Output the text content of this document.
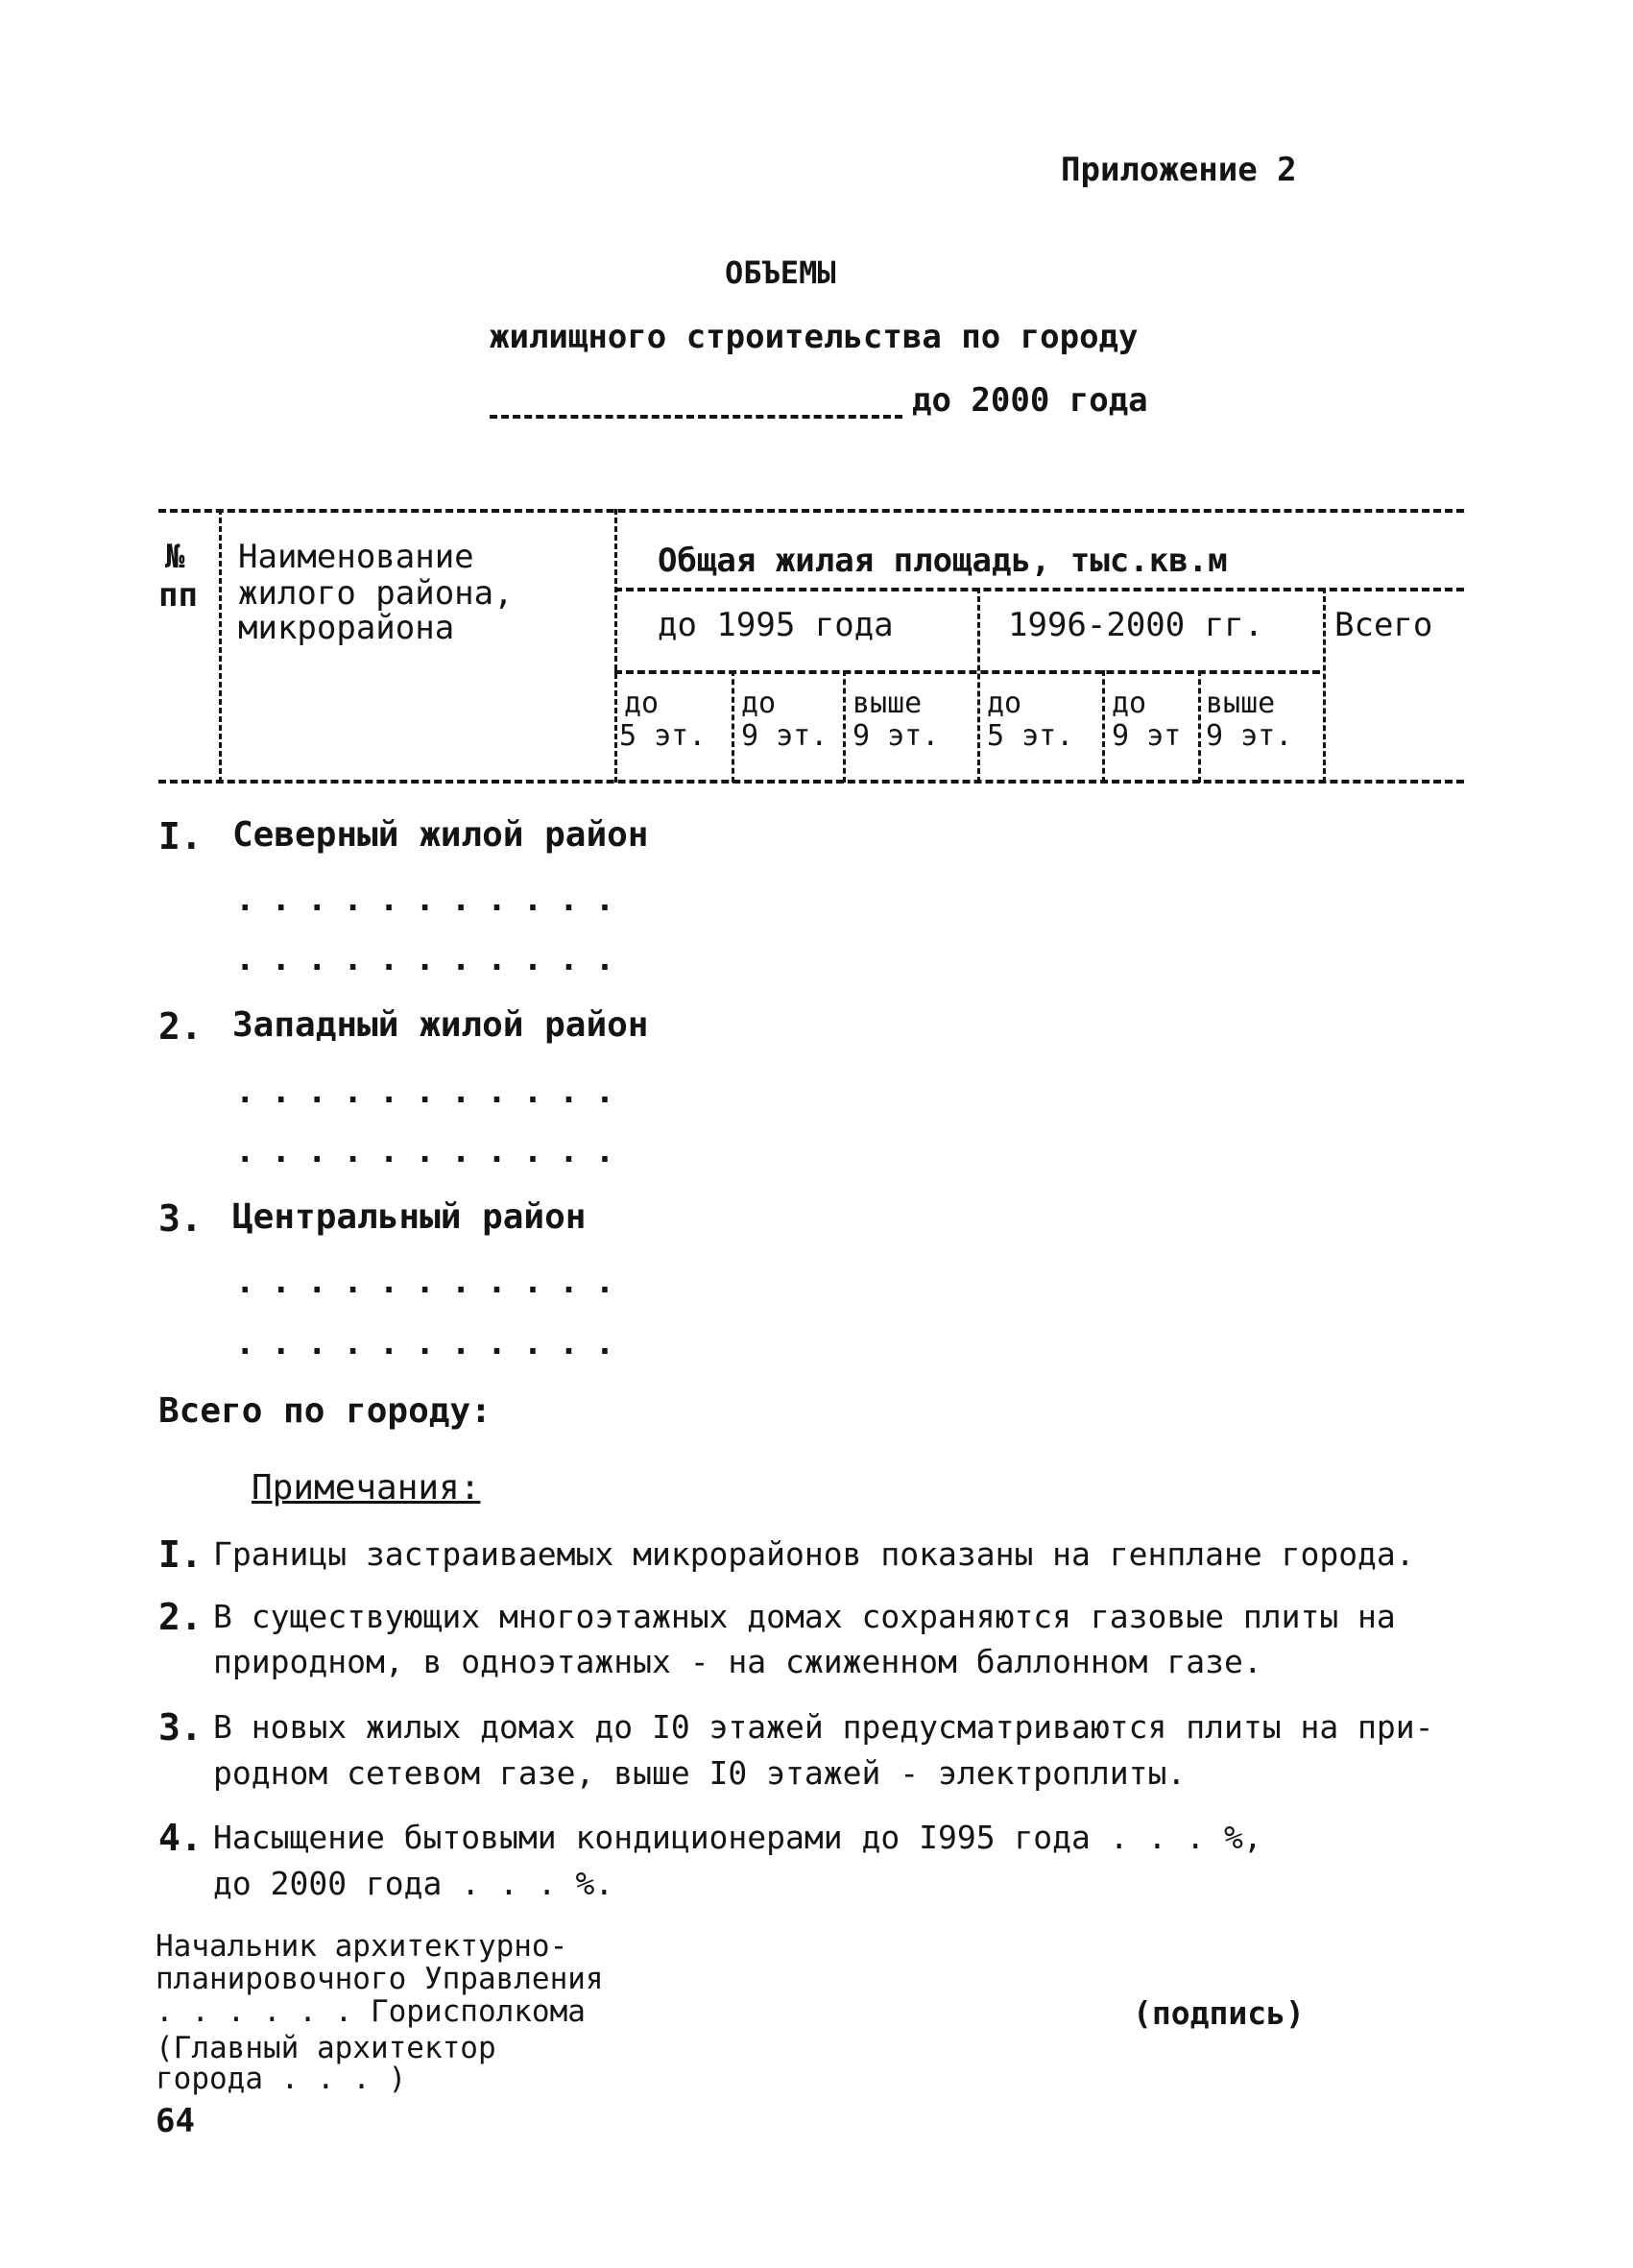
Приложение 2
ОБЪЕМЫ
жилищного строительства по городу
до 2000 года
№
пп
Наименование
жилого района,
микрорайона
Общая жилая площадь, тыс.кв.м
до 1995 года	1996-2000 гг. Всего
до
5 эт.
до
9 эт.
выше
9 эт.
до
5 эт.
до
9 эт
выше
9 эт.
I. Северный жилой район
...........
...........
2. Западный жилой район
...........
...........
3. Центральный район
...........
...........
Всего по городу:
Примечания:
I. Границы застраиваемых микрорайонов показаны на генплане города.
2. В существующих многоэтажных домах сохраняются газовые плиты на
природном, в одноэтажных - на сжиженном баллонном газе.
3. В новых жилых домах до I0 этажей предусматриваются плиты на при-
родном сетевом газе, выше I0 этажей - электроплиты.
4. Насыщение бытовыми кондиционерами до I995 года . . . %,
до 2000 года . . . %.
Начальник архитектурно-
планировочного Управления
. . . . . . Горисполкома
(Главный архитектор
города . . . )
(подпись)
64
